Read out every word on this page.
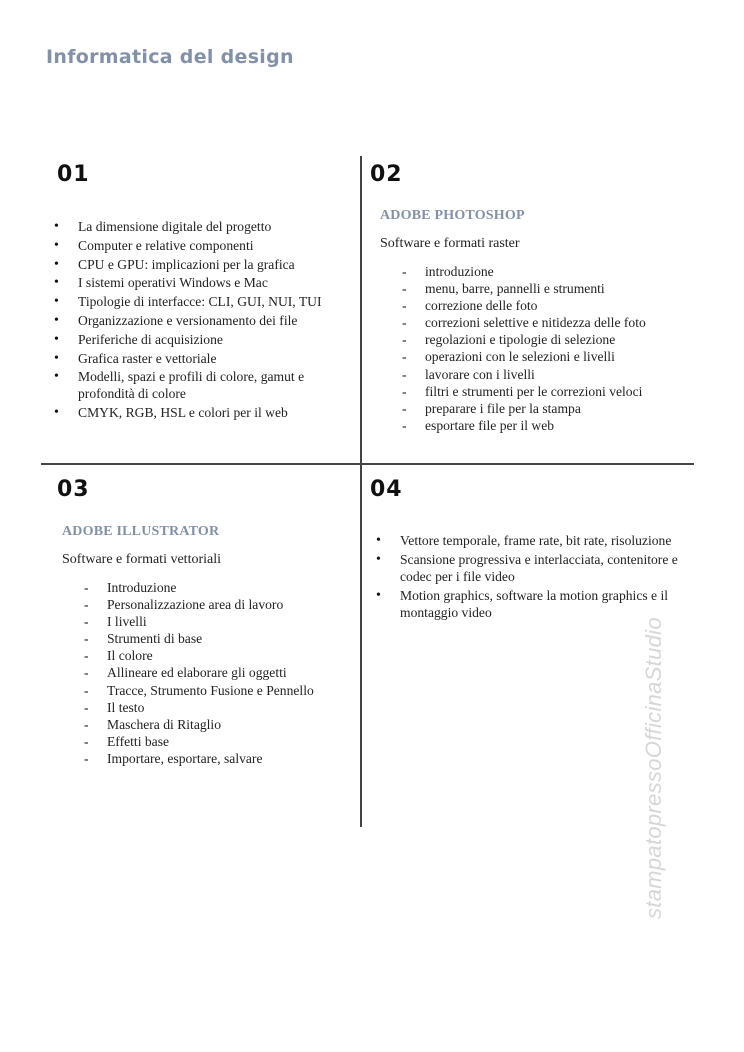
Informatica del design
01
• La dimensione digitale del progetto
• Computer e relative componenti
• CPU e GPU: implicazioni per la grafica
• I sistemi operativi Windows e Mac
• Tipologie di interfacce: CLI, GUI, NUI, TUI
• Organizzazione e versionamento dei file
• Periferiche di acquisizione
• Grafica raster e vettoriale
• Modelli, spazi e profili di colore, gamut e profondità di colore
• CMYK, RGB, HSL e colori per il web
02
ADOBE PHOTOSHOP
Software e formati raster
- introduzione
- menu, barre, pannelli e strumenti
- correzione delle foto
- correzioni selettive e nitidezza delle foto
- regolazioni e tipologie di selezione
- operazioni con le selezioni e livelli
- lavorare con i livelli
- filtri e strumenti per le correzioni veloci
- preparare i file per la stampa
- esportare file per il web
03
ADOBE ILLUSTRATOR
Software e formati vettoriali
- Introduzione
- Personalizzazione area di lavoro
- I livelli
- Strumenti di base
- Il colore
- Allineare ed elaborare gli oggetti
- Tracce, Strumento Fusione e Pennello
- Il testo
- Maschera di Ritaglio
- Effetti base
- Importare, esportare, salvare
04
• Vettore temporale, frame rate, bit rate, risoluzione
• Scansione progressiva e interlacciata, contenitore e codec per i file video
• Motion graphics, software la motion graphics e il montaggio video
stampatopressoOfficinaStudio
